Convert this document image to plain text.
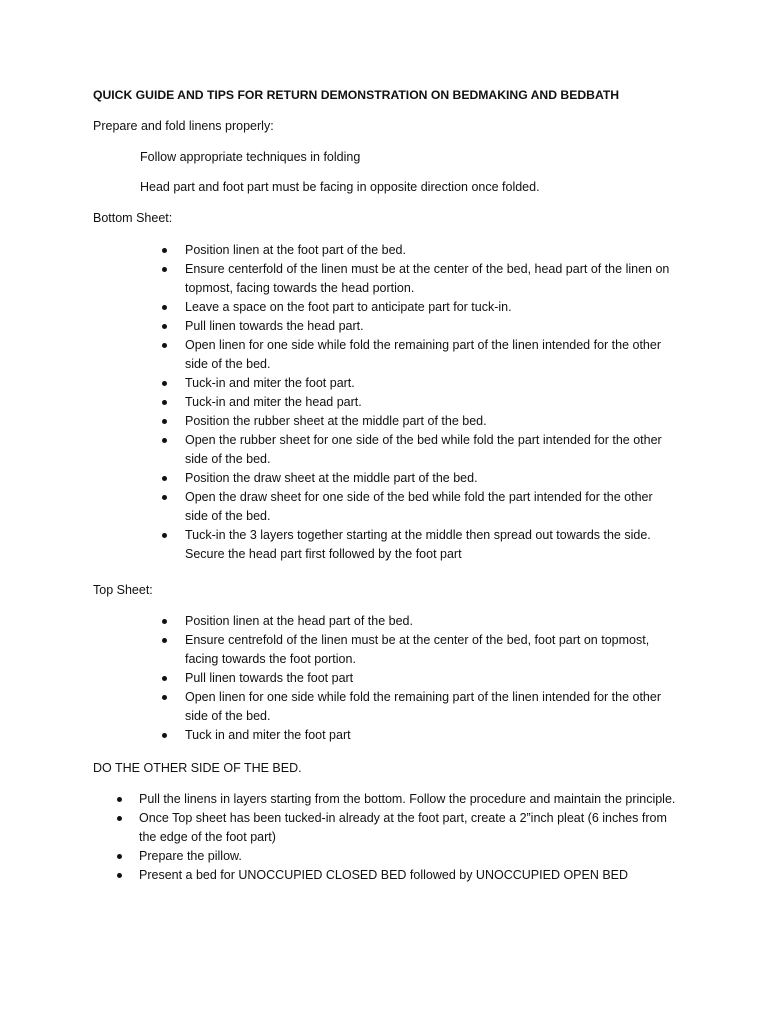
QUICK GUIDE AND TIPS FOR RETURN DEMONSTRATION ON BEDMAKING AND BEDBATH
Prepare and fold linens properly:
Follow appropriate techniques in folding
Head part and foot part must be facing in opposite direction once folded.
Bottom Sheet:
Position linen at the foot part of the bed.
Ensure centerfold of the linen must be at the center of the bed, head part of the linen on topmost, facing towards the head portion.
Leave a space on the foot part to anticipate part for tuck-in.
Pull linen towards the head part.
Open linen for one side while fold the remaining part of the linen intended for the other side of the bed.
Tuck-in and miter the foot part.
Tuck-in and miter the head part.
Position the rubber sheet at the middle part of the bed.
Open the rubber sheet for one side of the bed while fold the part intended for the other side of the bed.
Position the draw sheet at the middle part of the bed.
Open the draw sheet for one side of the bed while fold the part intended for the other side of the bed.
Tuck-in the 3 layers together starting at the middle then spread out towards the side. Secure the head part first followed by the foot part
Top Sheet:
Position linen at the head part of the bed.
Ensure centrefold of the linen must be at the center of the bed, foot part on topmost, facing towards the foot portion.
Pull linen towards the foot part
Open linen for one side while fold the remaining part of the linen intended for the other side of the bed.
Tuck in and miter the foot part
DO THE OTHER SIDE OF THE BED.
Pull the linens in layers starting from the bottom. Follow the procedure and maintain the principle.
Once Top sheet has been tucked-in already at the foot part, create a 2”inch pleat (6 inches from the edge of the foot part)
Prepare the pillow.
Present a bed for UNOCCUPIED CLOSED BED followed by UNOCCUPIED OPEN BED
